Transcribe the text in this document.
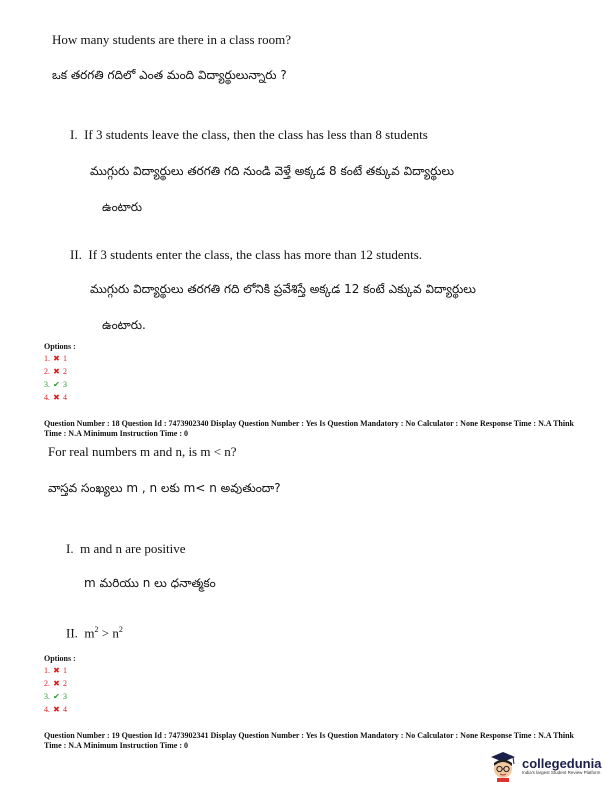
How many students are there in a class room?
ఒక తరగతి గదిలో ఎంత మంది విద్యార్థులున్నారు ?
I. If 3 students leave the class, then the class has less than 8 students
ముగ్గురు విద్యార్థులు తరగతి గది నుండి వెళ్తే అక్కడ 8 కంటే తక్కువ విద్యార్థులు
ఉంటారు
II. If 3 students enter the class, the class has more than 12 students.
ముగ్గురు విద్యార్థులు తరగతి గది లోనికి ప్రవేశిస్తే అక్కడ 12 కంటే ఎక్కువ విద్యార్థులు
ఉంటారు.
Options :
1. ✖ 1
2. ✖ 2
3. ✔ 3
4. ✖ 4
Question Number : 18 Question Id : 7473902340 Display Question Number : Yes Is Question Mandatory : No Calculator : None Response Time : N.A Think Time : N.A Minimum Instruction Time : 0
For real numbers m and n, is m < n?
వాస్తవ సంఖ్యలు m , n లకు m< n అవుతుందా?
I. m and n are positive
m మరియు n లు ధనాత్మకం
II. $m^2 > n^2$
Options :
1. ✖ 1
2. ✖ 2
3. ✔ 3
4. ✖ 4
Question Number : 19 Question Id : 7473902341 Display Question Number : Yes Is Question Mandatory : No Calculator : None Response Time : N.A Think Time : N.A Minimum Instruction Time : 0
collegedunia
India's largest Student Review Platform
